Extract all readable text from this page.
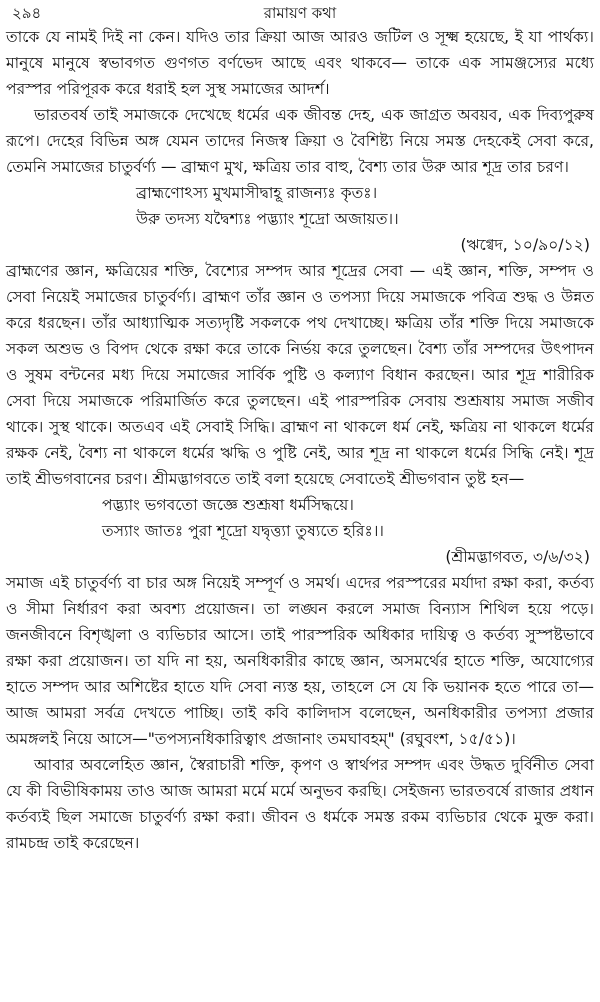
২৯৪	রামায়ণ কথা

তাকে যে নামই দিই না কেন। যদিও তার ক্রিয়া আজ আরও জটিল ও সূক্ষ্ম হয়েছে, ই যা পার্থক্য। মানুষে মানুষে স্বভাবগত গুণগত বর্ণভেদ আছে এবং থাকবে— তাকে এক সামঞ্জস্যের মধ্যে পরস্পর পরিপূরক করে ধরাই হল সুস্থ সমাজের আদর্শ।

ভারতবর্ষ তাই সমাজকে দেখেছে ধর্মের এক জীবন্ত দেহ, এক জাগ্রত অবয়ব, এক দিব্যপুরুষ রূপে। দেহের বিভিন্ন অঙ্গ যেমন তাদের নিজস্ব ক্রিয়া ও বৈশিষ্ট্য নিয়ে সমস্ত দেহকেই সেবা করে, তেমনি সমাজের চাতুর্বর্ণ্য — ব্রাহ্মণ মুখ, ক্ষত্রিয় তার বাহু, বৈশ্য তার উরু আর শূদ্র তার চরণ।

ব্রাহ্মণোঽস্য মুখমাসীদ্বাহূ রাজন্যঃ কৃতঃ।

উরু তদস্য যদ্বৈশ্যঃ পদ্ভ্যাং শূদ্রো অজায়ত।।

(ঋগ্বেদ, ১০/৯০/১২)

ব্রাহ্মণের জ্ঞান, ক্ষত্রিয়ের শক্তি, বৈশ্যের সম্পদ আর শূদ্রের সেবা — এই জ্ঞান, শক্তি, সম্পদ ও সেবা নিয়েই সমাজের চাতুর্বর্ণ্য। ব্রাহ্মণ তাঁর জ্ঞান ও তপস্যা দিয়ে সমাজকে পবিত্র শুদ্ধ ও উন্নত করে ধরছেন। তাঁর আধ্যাত্মিক সত্যদৃষ্টি সকলকে পথ দেখাচ্ছে। ক্ষত্রিয় তাঁর শক্তি দিয়ে সমাজকে সকল অশুভ ও বিপদ থেকে রক্ষা করে তাকে নির্ভয় করে তুলছেন। বৈশ্য তাঁর সম্পদের উৎপাদন ও সুষম বন্টনের মধ্য দিয়ে সমাজের সার্বিক পুষ্টি ও কল্যাণ বিধান করছেন। আর শূদ্র শারীরিক সেবা দিয়ে সমাজকে পরিমার্জিত করে তুলছেন। এই পারস্পরিক সেবায় শুশ্রূষায় সমাজ সজীব থাকে। সুস্থ থাকে। অতএব এই সেবাই সিদ্ধি। ব্রাহ্মণ না থাকলে ধর্ম নেই, ক্ষত্রিয় না থাকলে ধর্মের রক্ষক নেই, বৈশ্য না থাকলে ধর্মের ঋদ্ধি ও পুষ্টি নেই, আর শূদ্র না থাকলে ধর্মের সিদ্ধি নেই। শূদ্র তাই শ্রীভগবানের চরণ। শ্রীমদ্ভাগবতে তাই বলা হয়েছে সেবাতেই শ্রীভগবান তুষ্ট হন—

পদ্ভ্যাং ভগবতো জজ্ঞে শুশ্রূষা ধর্মসিদ্ধয়ে।

তস্যাং জাতঃ পুরা শূদ্রো যদ্বৃত্ত্যা তুষ্যতে হরিঃ।।

(শ্রীমদ্ভাগবত, ৩/৬/৩২)

সমাজ এই চাতুর্বর্ণ্য বা চার অঙ্গ নিয়েই সম্পূর্ণ ও সমর্থ। এদের পরস্পরের মর্যাদা রক্ষা করা, কর্তব্য ও সীমা নির্ধারণ করা অবশ্য প্রয়োজন। তা লঙ্ঘন করলে সমাজ বিন্যাস শিথিল হয়ে পড়ে। জনজীবনে বিশৃঙ্খলা ও ব্যভিচার আসে। তাই পারস্পরিক অধিকার দায়িত্ব ও কর্তব্য সুস্পষ্টভাবে রক্ষা করা প্রয়োজন। তা যদি না হয়, অনধিকারীর কাছে জ্ঞান, অসমর্থের হাতে শক্তি, অযোগ্যের হাতে সম্পদ আর অশিষ্টের হাতে যদি সেবা ন্যস্ত হয়, তাহলে সে যে কি ভয়ানক হতে পারে তা—আজ আমরা সর্বত্র দেখতে পাচ্ছি। তাই কবি কালিদাস বলেছেন, অনধিকারীর তপস্যা প্রজার অমঙ্গলই নিয়ে আসে—"তপস্যনধিকারিত্বাৎ প্রজানাং তমঘাবহম্" (রঘুবংশ, ১৫/৫১)।

আবার অবলেহিত জ্ঞান, স্বৈরাচারী শক্তি, কৃপণ ও স্বার্থপর সম্পদ এবং উদ্ধত দুর্বিনীত সেবা যে কী বিভীষিকাময় তাও আজ আমরা মর্মে মর্মে অনুভব করছি। সেইজন্য ভারতবর্ষে রাজার প্রধান কর্তব্যই ছিল সমাজে চাতুর্বর্ণ্য রক্ষা করা। জীবন ও ধর্মকে সমস্ত রকম ব্যভিচার থেকে মুক্ত করা। রামচন্দ্র তাই করেছেন।
